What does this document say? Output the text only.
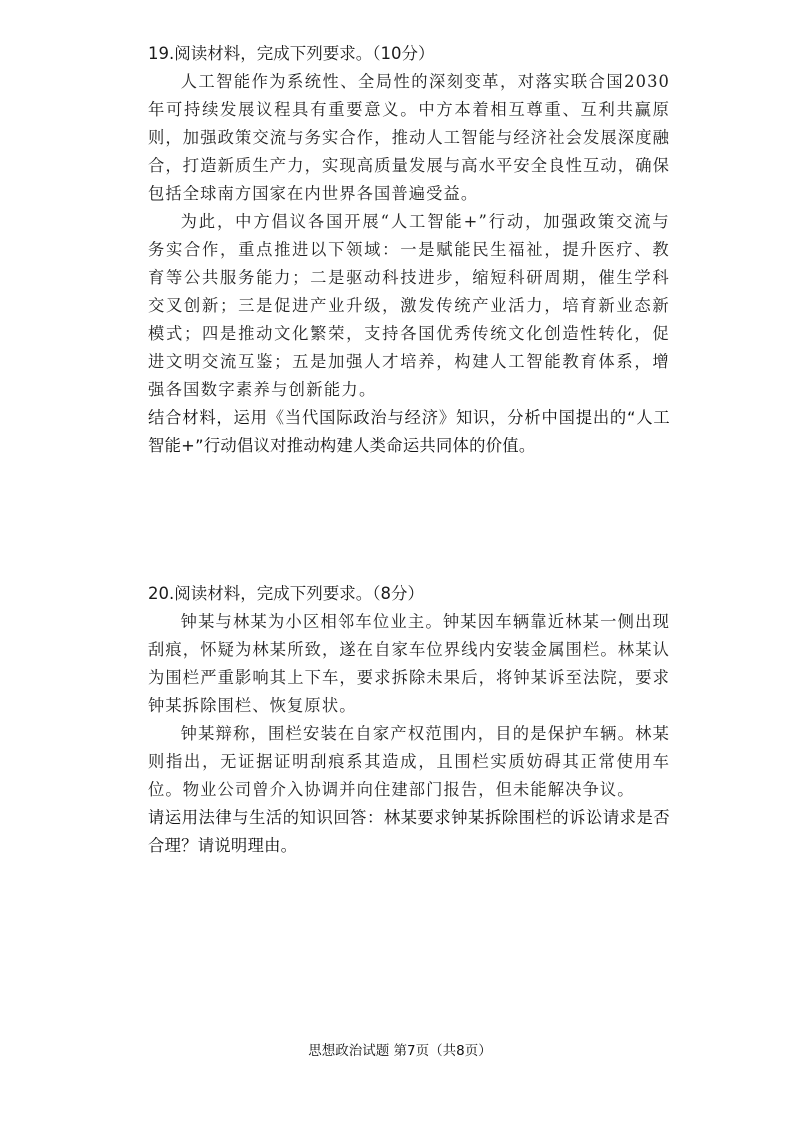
19.阅读材料，完成下列要求。（10分）

人工智能作为系统性、全局性的深刻变革，对落实联合国2030年可持续发展议程具有重要意义。中方本着相互尊重、互利共赢原则，加强政策交流与务实合作，推动人工智能与经济社会发展深度融合，打造新质生产力，实现高质量发展与高水平安全良性互动，确保包括全球南方国家在内世界各国普遍受益。

为此，中方倡议各国开展“人工智能+”行动，加强政策交流与务实合作，重点推进以下领域：一是赋能民生福祉，提升医疗、教育等公共服务能力；二是驱动科技进步，缩短科研周期，催生学科交叉创新；三是促进产业升级，激发传统产业活力，培育新业态新模式；四是推动文化繁荣，支持各国优秀传统文化创造性转化，促进文明交流互鉴；五是加强人才培养，构建人工智能教育体系，增强各国数字素养与创新能力。

结合材料，运用《当代国际政治与经济》知识，分析中国提出的“人工智能+”行动倡议对推动构建人类命运共同体的价值。

20.阅读材料，完成下列要求。（8分）

钟某与林某为小区相邻车位业主。钟某因车辆靠近林某一侧出现刮痕，怀疑为林某所致，遂在自家车位界线内安装金属围栏。林某认为围栏严重影响其上下车，要求拆除未果后，将钟某诉至法院，要求钟某拆除围栏、恢复原状。

钟某辩称，围栏安装在自家产权范围内，目的是保护车辆。林某则指出，无证据证明刮痕系其造成，且围栏实质妨碍其正常使用车位。物业公司曾介入协调并向住建部门报告，但未能解决争议。

请运用法律与生活的知识回答：林某要求钟某拆除围栏的诉讼请求是否合理？请说明理由。

思想政治试题 第7页（共8页）
